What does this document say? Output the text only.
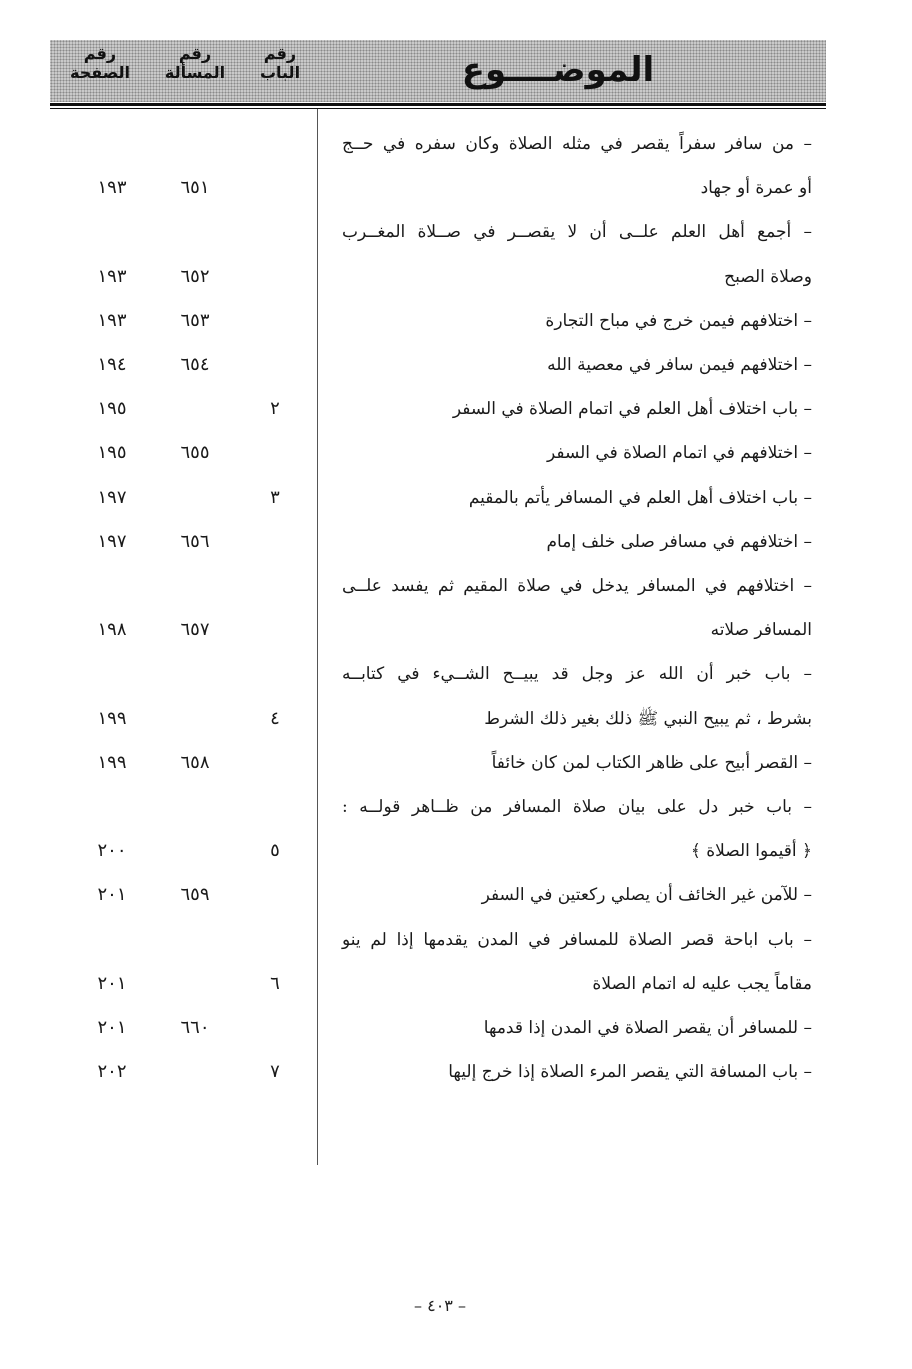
رقم
الباب
رقم
المسألة
رقم
الصفحة	الموضــــوع
– من سافر سفراً يقصر في مثله الصلاة وكان سفره في حــج
أو عمرة أو جهاد
٦٥١
١٩٣
– أجمع أهل العلم علــى أن لا يقصــر في صــلاة المغــرب
وصلاة الصبح
٦٥٢
١٩٣
– اختلافهم فيمن خرج في مباح التجارة
٦٥٣
١٩٣
– اختلافهم فيمن سافر في معصية الله
٦٥٤
١٩٤
– باب اختلاف أهل العلم في اتمام الصلاة في السفر
٢
١٩٥
– اختلافهم في اتمام الصلاة في السفر
٦٥٥
١٩٥
– باب اختلاف أهل العلم في المسافر يأتم بالمقيم
٣
١٩٧
– اختلافهم في مسافر صلى خلف إمام
٦٥٦
١٩٧
– اختلافهم في المسافر يدخل في صلاة المقيم ثم يفسد علــى
المسافر صلاته
٦٥٧
١٩٨
– باب خبر أن الله عز وجل قد يبيــح الشــيء في كتابــه
بشرط ، ثم يبيح النبي ﷺ ذلك بغير ذلك الشرط
٤
١٩٩
– القصر أبيح على ظاهر الكتاب لمن كان خائفاً
٦٥٨
١٩٩
– باب خبر دل على بيان صلاة المسافر من ظــاهر قولــه :
﴿ أقيموا الصلاة ﴾
٥
٢٠٠
– للآمن غير الخائف أن يصلي ركعتين في السفر
٦٥٩
٢٠١
– باب اباحة قصر الصلاة للمسافر في المدن يقدمها إذا لم ينو
مقاماً يجب عليه له اتمام الصلاة
٦
٢٠١
– للمسافر أن يقصر الصلاة في المدن إذا قدمها
٦٦٠
٢٠١
– باب المسافة التي يقصر المرء الصلاة إذا خرج إليها
٧
٢٠٢
– ٤٠٣ –
